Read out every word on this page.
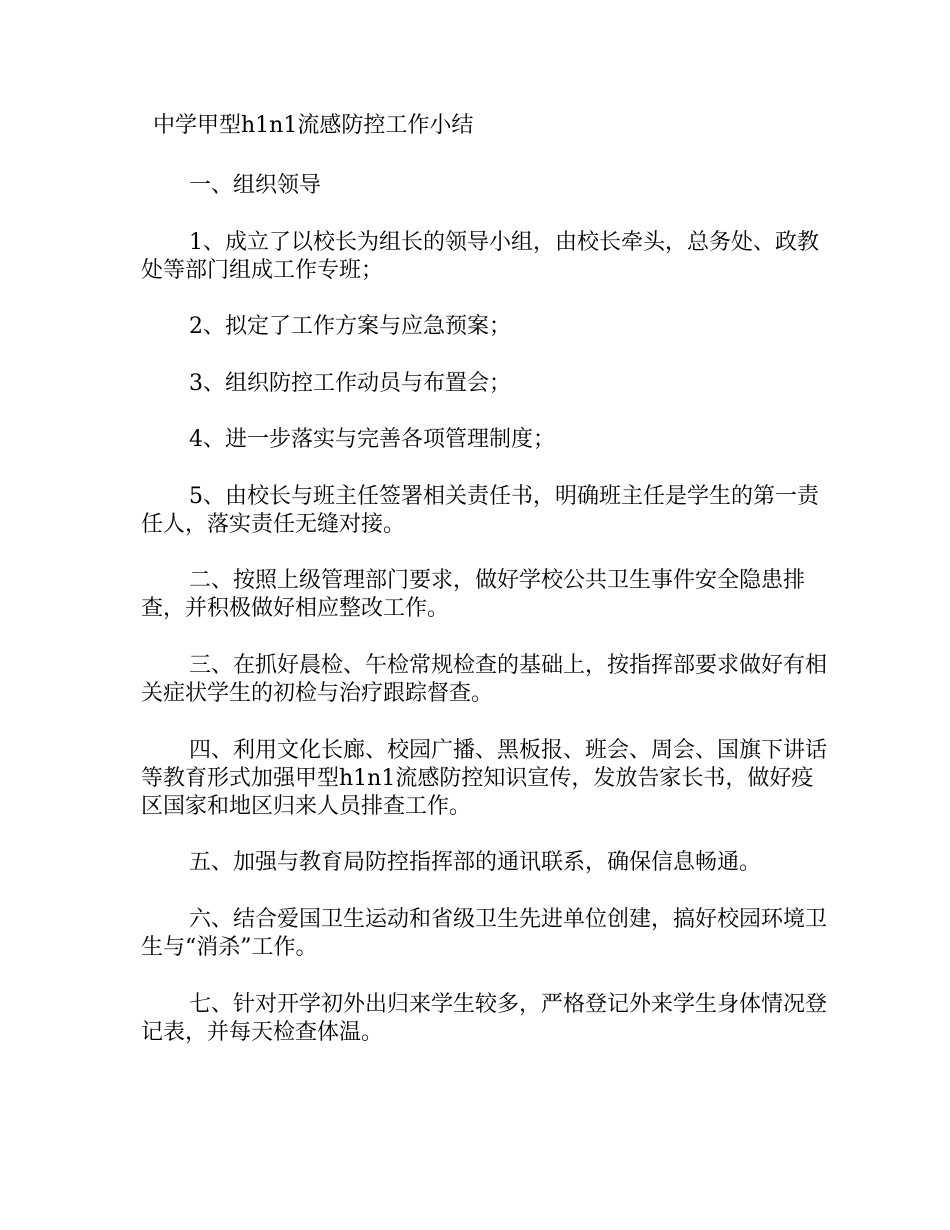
中学甲型h1n1流感防控工作小结

一、组织领导

1、成立了以校长为组长的领导小组，由校长牵头，总务处、政教处等部门组成工作专班；

2、拟定了工作方案与应急预案；

3、组织防控工作动员与布置会；

4、进一步落实与完善各项管理制度；

5、由校长与班主任签署相关责任书，明确班主任是学生的第一责任人，落实责任无缝对接。

二、按照上级管理部门要求，做好学校公共卫生事件安全隐患排查，并积极做好相应整改工作。

三、在抓好晨检、午检常规检查的基础上，按指挥部要求做好有相关症状学生的初检与治疗跟踪督查。

四、利用文化长廊、校园广播、黑板报、班会、周会、国旗下讲话等教育形式加强甲型h1n1流感防控知识宣传，发放告家长书，做好疫区国家和地区归来人员排查工作。

五、加强与教育局防控指挥部的通讯联系，确保信息畅通。

六、结合爱国卫生运动和省级卫生先进单位创建，搞好校园环境卫生与“消杀”工作。

七、针对开学初外出归来学生较多，严格登记外来学生身体情况登记表，并每天检查体温。
